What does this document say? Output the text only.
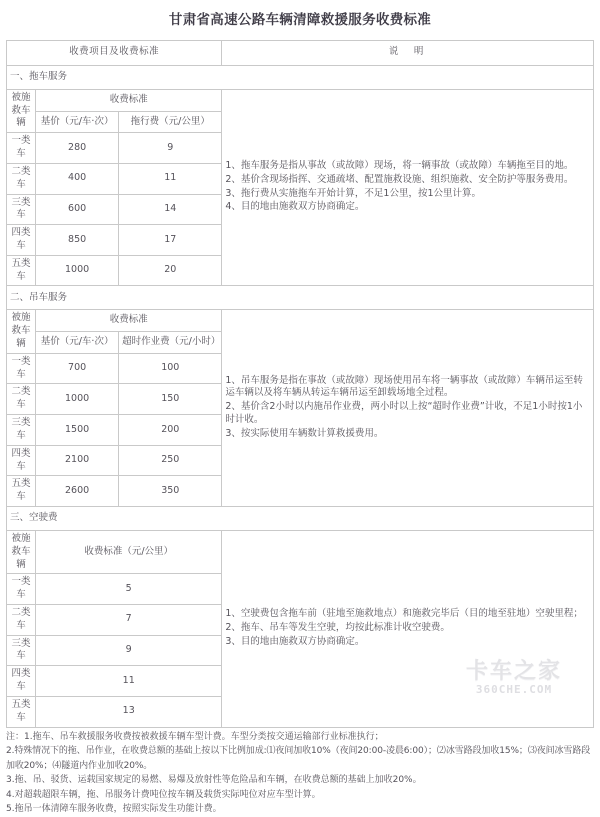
甘肃省高速公路车辆清障救援服务收费标准
收费项目及收费标准			说　明
一、拖车服务			
被施救车辆	收费标准		1、拖车服务是指从事故（或故障）现场，将一辆事故（或故障）车辆拖至目的地。

2、基价含现场指挥、交通疏堵、配置施救设施、组织施救、安全防护等服务费用。

3、拖行费从实施拖车开始计算，不足1公里，按1公里计算。

4、目的地由施救双方协商确定。

	基价（元/车·次）	拖行费（元/公里）	
一类车	280	9	
二类车	400	11	
三类车	600	14	
四类车	850	17	
五类车	1000	20	
二、吊车服务			
被施救车辆	收费标准		1、吊车服务是指在事故（或故障）现场使用吊车将一辆事故（或故障）车辆吊运至转运车辆以及将车辆从转运车辆吊运至卸载场地全过程。

2、基价含2小时以内施吊作业费，两小时以上按“超时作业费”计收，不足1小时按1小时计收。

3、按实际使用车辆数计算救援费用。

	基价（元/车·次）	超时作业费（元/小时）	
一类车	700	100	
二类车	1000	150	
三类车	1500	200	
四类车	2100	250	
五类车	2600	350	
三、空驶费			
被施救车辆	收费标准（元/公里）		1、空驶费包含拖车前（驻地至施救地点）和施救完毕后（目的地至驻地）空驶里程；

2、拖车、吊车等发生空驶，均按此标准计收空驶费。

3、目的地由施救双方协商确定。

一类车	5		
二类车	7		
三类车	9		
四类车	11		
五类车	13		

注：1.拖车、吊车救援服务收费按被救援车辆车型计费。车型分类按交通运输部行业标准执行；

2.特殊情况下的拖、吊作业，在收费总额的基础上按以下比例加成:⑴夜间加收10%（夜间20:00-凌晨6:00）；⑵冰雪路段加收15%；⑶夜间冰雪路段加收20%；⑷隧道内作业加收20%。

3.拖、吊、驳货、运载国家规定的易燃、易爆及放射性等危险品和车辆，在收费总额的基础上加收20%。

4.对超载超限车辆，拖、吊服务计费吨位按车辆及载货实际吨位对应车型计算。

5.拖吊一体清障车服务收费，按照实际发生功能计费。

卡车之家
360CHE.COM
